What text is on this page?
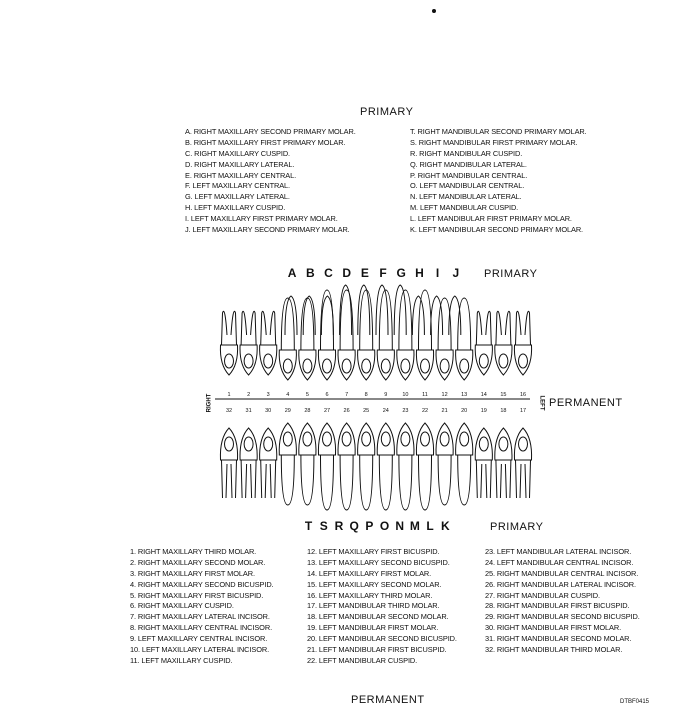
PRIMARY
A. RIGHT MAXILLARY SECOND PRIMARY MOLAR.
B. RIGHT MAXILLARY FIRST PRIMARY MOLAR.
C. RIGHT MAXILLARY CUSPID.
D. RIGHT MAXILLARY LATERAL.
E. RIGHT MAXILLARY CENTRAL.
F. LEFT MAXILLARY CENTRAL.
G. LEFT MAXILLARY LATERAL.
H. LEFT MAXILLARY CUSPID.
I. LEFT MAXILLARY FIRST PRIMARY MOLAR.
J. LEFT MAXILLARY SECOND PRIMARY MOLAR.
T. RIGHT MANDIBULAR SECOND PRIMARY MOLAR.
S. RIGHT MANDIBULAR FIRST PRIMARY MOLAR.
R. RIGHT MANDIBULAR CUSPID.
Q. RIGHT MANDIBULAR LATERAL.
P. RIGHT MANDIBULAR CENTRAL.
O. LEFT MANDIBULAR CENTRAL.
N. LEFT MANDIBULAR LATERAL.
M. LEFT MANDIBULAR CUSPID.
L. LEFT MANDIBULAR FIRST PRIMARY MOLAR.
K. LEFT MANDIBULAR SECOND PRIMARY MOLAR.
A B C D E F G H I J	PRIMARY
1	2	3	4	5	6	7	8	9	10	11	12	13	14	15	16
32	31	30	29	28	27	26	25	24	23	22	21	20	19	18	17
RIGHT	LEFT PERMANENT
T S R Q P O N M L K	PRIMARY
1. RIGHT MAXILLARY THIRD MOLAR.
2. RIGHT MAXILLARY SECOND MOLAR.
3. RIGHT MAXILLARY FIRST MOLAR.
4. RIGHT MAXILLARY SECOND BICUSPID.
5. RIGHT MAXILLARY FIRST BICUSPID.
6. RIGHT MAXILLARY CUSPID.
7. RIGHT MAXILLARY LATERAL INCISOR.
8. RIGHT MAXILLARY CENTRAL INCISOR.
9. LEFT MAXILLARY CENTRAL INCISOR.
10. LEFT MAXILLARY LATERAL INCISOR.
11. LEFT MAXILLARY CUSPID.
12. LEFT MAXILLARY FIRST BICUSPID.
13. LEFT MAXILLARY SECOND BICUSPID.
14. LEFT MAXILLARY FIRST MOLAR.
15. LEFT MAXILLARY SECOND MOLAR.
16. LEFT MAXILLARY THIRD MOLAR.
17. LEFT MANDIBULAR THIRD MOLAR.
18. LEFT MANDIBULAR SECOND MOLAR.
19. LEFT MANDIBULAR FIRST MOLAR.
20. LEFT MANDIBULAR SECOND BICUSPID.
21. LEFT MANDIBULAR FIRST BICUSPID.
22. LEFT MANDIBULAR CUSPID.
23. LEFT MANDIBULAR LATERAL INCISOR.
24. LEFT MANDIBULAR CENTRAL INCISOR.
25. RIGHT MANDIBULAR CENTRAL INCISOR.
26. RIGHT MANDIBULAR LATERAL INCISOR.
27. RIGHT MANDIBULAR CUSPID.
28. RIGHT MANDIBULAR FIRST BICUSPID.
29. RIGHT MANDIBULAR SECOND BICUSPID.
30. RIGHT MANDIBULAR FIRST MOLAR.
31. RIGHT MANDIBULAR SECOND MOLAR.
32. RIGHT MANDIBULAR THIRD MOLAR.
PERMANENT	DTBF0415
